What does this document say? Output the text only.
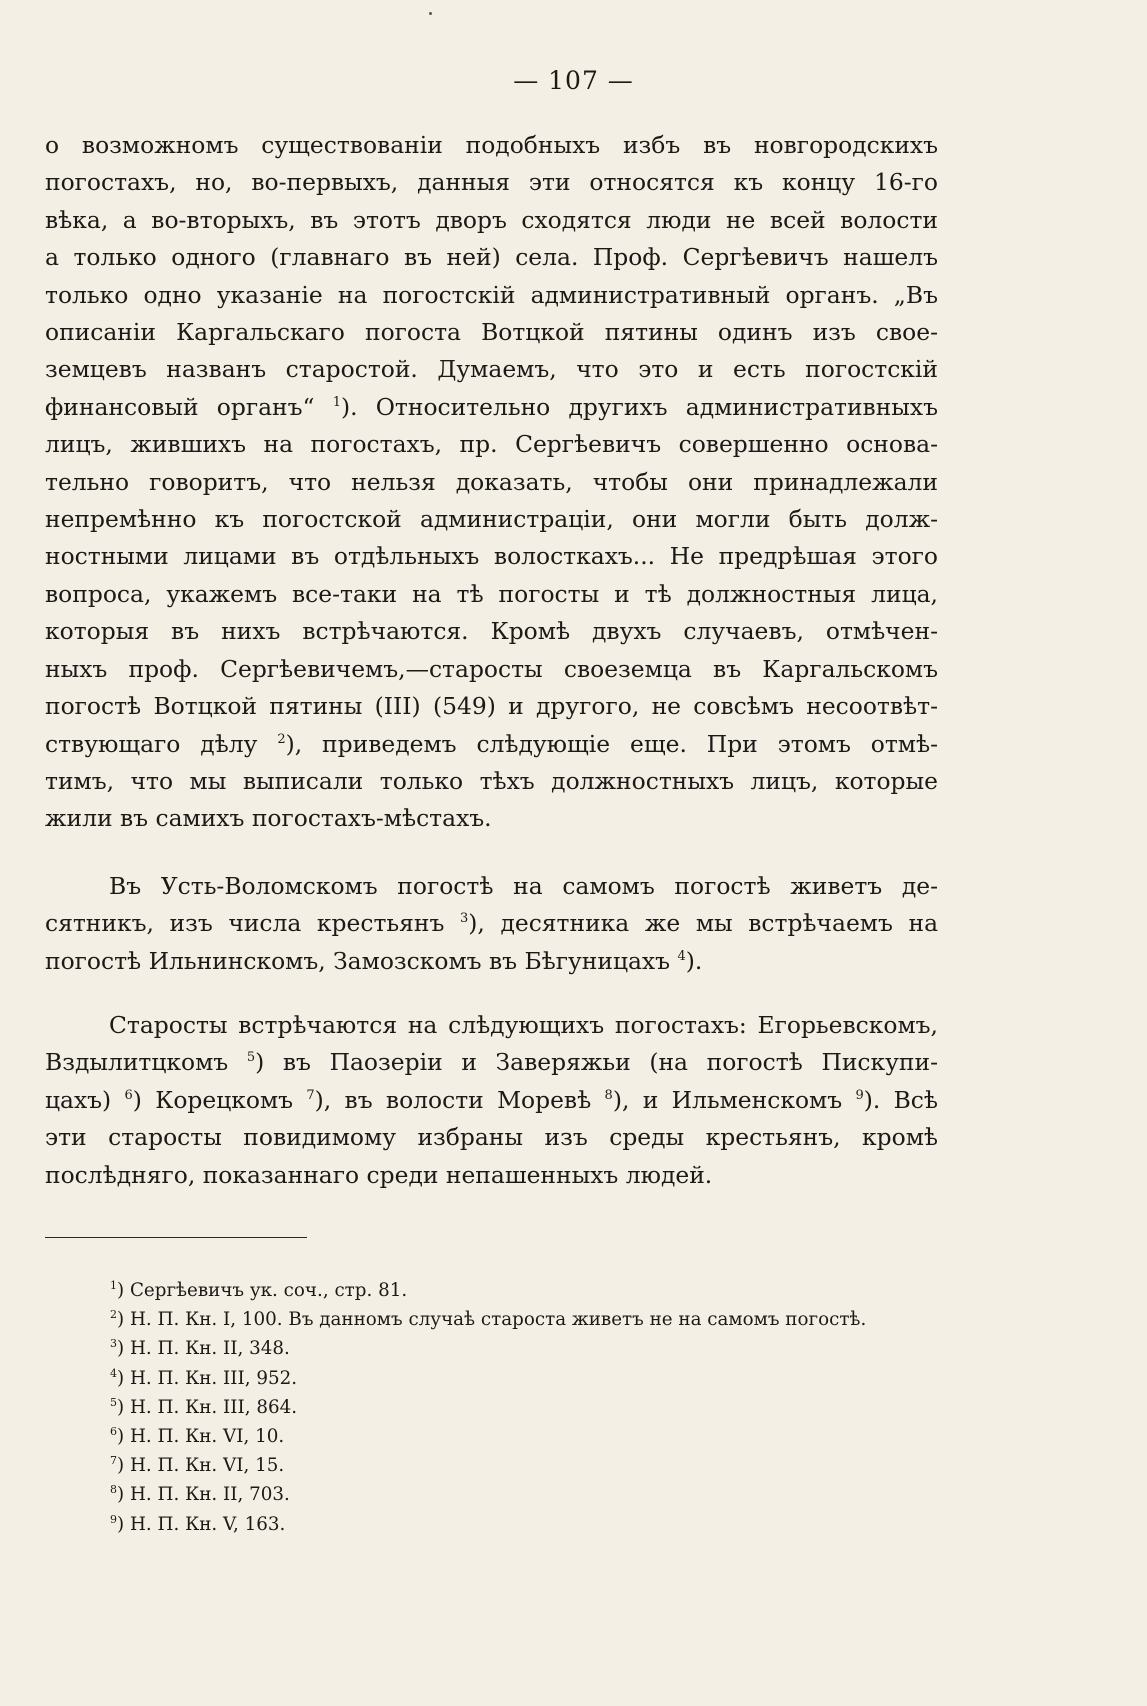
— 107 —

о возможномъ существованіи подобныхъ избъ въ новгородскихъ
погостахъ, но, во-первыхъ, данныя эти относятся къ концу 16-го
вѣка, а во-вторыхъ, въ этотъ дворъ сходятся люди не всей волости
а только одного (главнаго въ ней) села. Проф. Сергѣевичъ нашелъ
только одно указаніе на погостскій административный органъ. „Въ
описаніи Каргальскаго погоста Вотцкой пятины одинъ изъ свое-
земцевъ названъ старостой. Думаемъ, что это и есть погостскій
финансовый органъ“ $^1$). Относительно другихъ административныхъ
лицъ, жившихъ на погостахъ, пр. Сергѣевичъ совершенно основа-
тельно говоритъ, что нельзя доказать, чтобы они принадлежали
непремѣнно къ погостской администраціи, они могли быть долж-
ностными лицами въ отдѣльныхъ волосткахъ... Не предрѣшая этого
вопроса, укажемъ все-таки на тѣ погосты и тѣ должностныя лица,
которыя въ нихъ встрѣчаются. Кромѣ двухъ случаевъ, отмѣчен-
ныхъ проф. Сергѣевичемъ,—старосты своеземца въ Каргальскомъ
погостѣ Вотцкой пятины (III) (549) и другого, не совсѣмъ несоотвѣт-
ствующаго дѣлу $^2$), приведемъ слѣдующіе еще. При этомъ отмѣ-
тимъ, что мы выписали только тѣхъ должностныхъ лицъ, которые
жили въ самихъ погостахъ-мѣстахъ.

Въ Усть-Воломскомъ погостѣ на самомъ погостѣ живетъ де-
сятникъ, изъ числа крестьянъ $^3$), десятника же мы встрѣчаемъ на
погостѣ Ильнинскомъ, Замозскомъ въ Бѣгуницахъ $^4$).

Старосты встрѣчаются на слѣдующихъ погостахъ: Егорьевскомъ,
Вздылитцкомъ $^5$) въ Паозеріи и Заверяжьи (на погостѣ Пискупи-
цахъ) $^6$) Корецкомъ $^7$), въ волости Моревѣ $^8$), и Ильменскомъ $^9$). Всѣ
эти старосты повидимому избраны изъ среды крестьянъ, кромѣ
послѣдняго, показаннаго среди непашенныхъ людей.

$^1$) Сергѣевичъ ук. соч., стр. 81.

$^2$) Н. П. Кн. I, 100. Въ данномъ случаѣ староста живетъ не на самомъ погостѣ.

$^3$) Н. П. Кн. II, 348.

$^4$) Н. П. Кн. III, 952.

$^5$) Н. П. Кн. III, 864.

$^6$) Н. П. Кн. VI, 10.

$^7$) Н. П. Кн. VI, 15.

$^8$) Н. П. Кн. II, 703.

$^9$) Н. П. Кн. V, 163.
